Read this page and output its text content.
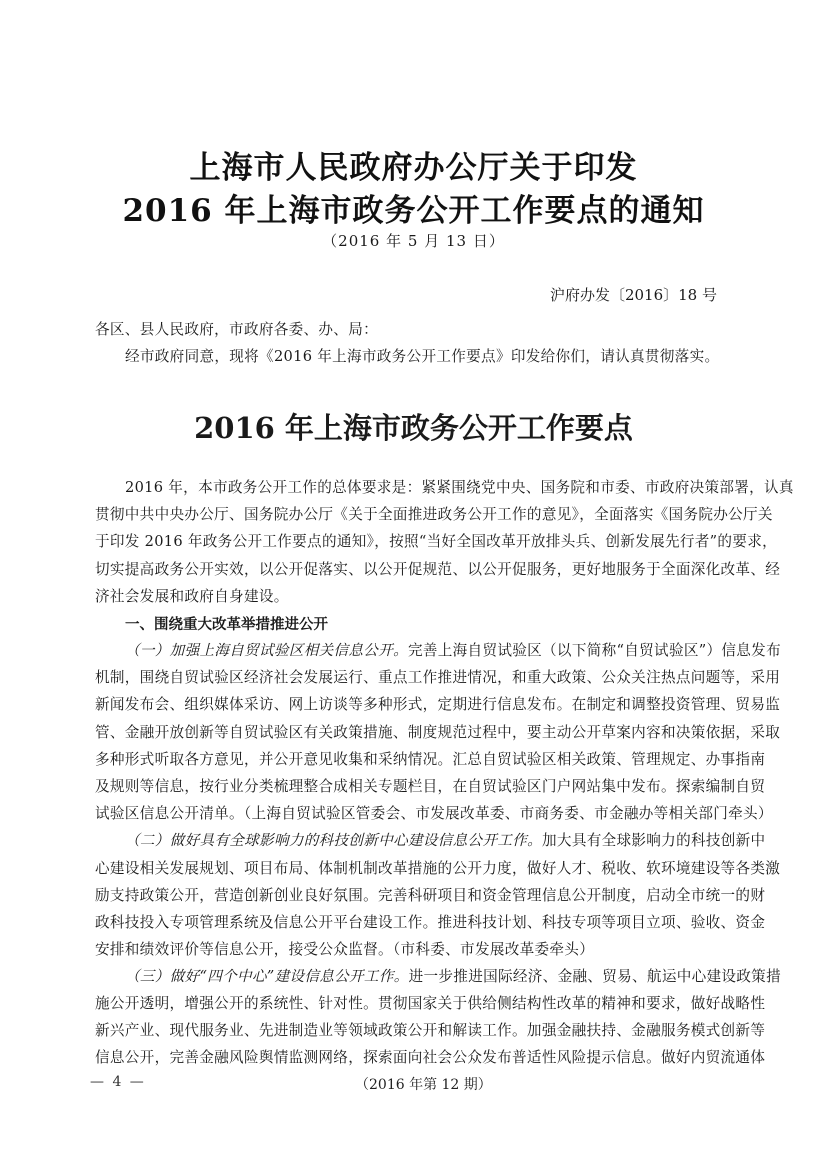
上海市人民政府办公厅关于印发
2016 年上海市政务公开工作要点的通知
（2016 年 5 月 13 日）
沪府办发〔2016〕18 号
各区、县人民政府，市政府各委、办、局：
经市政府同意，现将《2016 年上海市政务公开工作要点》印发给你们，请认真贯彻落实。
2016 年上海市政务公开工作要点
2016 年，本市政务公开工作的总体要求是：紧紧围绕党中央、国务院和市委、市政府决策部署，认真
贯彻中共中央办公厅、国务院办公厅《关于全面推进政务公开工作的意见》，全面落实《国务院办公厅关
于印发 2016 年政务公开工作要点的通知》，按照“当好全国改革开放排头兵、创新发展先行者”的要求，
切实提高政务公开实效，以公开促落实、以公开促规范、以公开促服务，更好地服务于全面深化改革、经
济社会发展和政府自身建设。
一、围绕重大改革举措推进公开
（一）加强上海自贸试验区相关信息公开。完善上海自贸试验区（以下简称“自贸试验区”）信息发布
机制，围绕自贸试验区经济社会发展运行、重点工作推进情况，和重大政策、公众关注热点问题等，采用
新闻发布会、组织媒体采访、网上访谈等多种形式，定期进行信息发布。在制定和调整投资管理、贸易监
管、金融开放创新等自贸试验区有关政策措施、制度规范过程中，要主动公开草案内容和决策依据，采取
多种形式听取各方意见，并公开意见收集和采纳情况。汇总自贸试验区相关政策、管理规定、办事指南
及规则等信息，按行业分类梳理整合成相关专题栏目，在自贸试验区门户网站集中发布。探索编制自贸
试验区信息公开清单。（上海自贸试验区管委会、市发展改革委、市商务委、市金融办等相关部门牵头）
（二）做好具有全球影响力的科技创新中心建设信息公开工作。加大具有全球影响力的科技创新中
心建设相关发展规划、项目布局、体制机制改革措施的公开力度，做好人才、税收、软环境建设等各类激
励支持政策公开，营造创新创业良好氛围。完善科研项目和资金管理信息公开制度，启动全市统一的财
政科技投入专项管理系统及信息公开平台建设工作。推进科技计划、科技专项等项目立项、验收、资金
安排和绩效评价等信息公开，接受公众监督。（市科委、市发展改革委牵头）
（三）做好“四个中心”建设信息公开工作。进一步推进国际经济、金融、贸易、航运中心建设政策措
施公开透明，增强公开的系统性、针对性。贯彻国家关于供给侧结构性改革的精神和要求，做好战略性
新兴产业、现代服务业、先进制造业等领域政策公开和解读工作。加强金融扶持、金融服务模式创新等
信息公开，完善金融风险舆情监测网络，探索面向社会公众发布普适性风险提示信息。做好内贸流通体
— 4 —	（2016 年第 12 期）
